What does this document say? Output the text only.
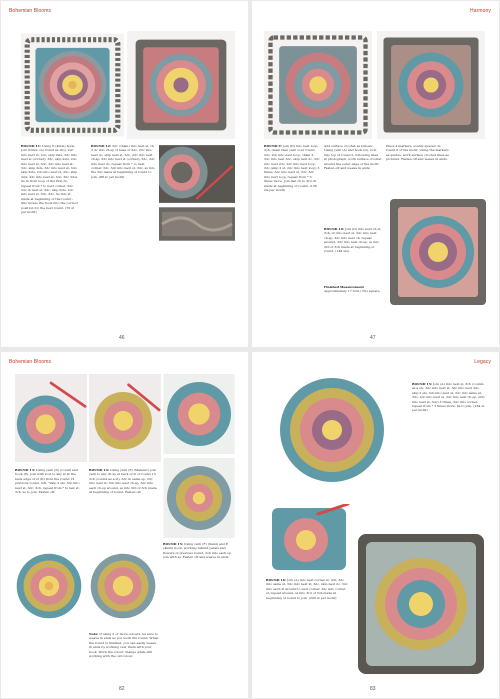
Bohemian Blooms
ROUND 11: Using E (4mm) hook. Join (Draw on) round as st(i), 2dc into next st, 2dc, skip 2sts, 3dc into next st (corner), 3dc, skip 2sts, 2dc into next st, 3dc, 2dc into next st, 3dc, skip 2sts, 3dc into next st, 3dc, skip 2sts, 2dc into next st, 3dc, skip 2sts, 2dc into next st, 3dc, 3dc 3dcs. Ss in front loop of the first dc, repeat from * to next corner. 3dc, 3dc in next st, 3dc, skip 2sts, 2dc into next st, 3dc, 3dc. Ss into st made at beginning of the round – this moves the hook into the correct position for the next round. (76 st per motif)
ROUND 12: 3dc (chain) into next st, ch 2 dc into ch-sp of base of 3dc, 2dc into next dc, skip next st, 3dc, 2dc into next ch-sp, 3dc into next st (corner), 3dc, 2dc into next dc, repeat from * to next corner. 3dc, 3dc into next st, 3dc, ss into the 3dc made at beginning of round to join. (88 st per motif)
46
Harmony
ROUND 9: Join (D) into next loop, 3ch, chain then yarn over round, 3dc, 2dc into next loop, chain 2, 3dc into next 3dc, skip next dc, 2dc into next 2dc, 2dc into next loop, 2dc (skip 2 st, 2dc into next loop) 3 times, 3dc into next st, 3dc, 3dc into next loop, repeat from * 3 times more. Join last ch to 3rd ch made at beginning of round. (136 sts per motif)
Add surface crochet as follows: Using yarn (A) and hook (G), sl st into top of round 5, following lines in photograph, work surface crochet around the outer edge of the motif. Fasten off and weave in ends.
Place 4 markers, evenly spaced, in round 6 of the motif. Using the markers as guides, work surface crochet lines as pictured. Fasten off and weave in ends.
ROUND 10: Join (D) into next ch st, 3ch, dc into next st, 3dc into next ch-sp, 3dc into next ch, repeat around, 3dc into next ch-sp, ss into 3rd of 3ch made at beginning of round. (148 sts)
Finished Measurement
Approximately 17.5cm (7in) square.
47
Bohemian Blooms
ROUND 13: Using yarn (D) (Coral) and hook (E), join with sl st to any st at the back edge of st (D) from the round 12 previous round. 3ch, *skip 2 sts, 3dc into next st, 3dc, 3ch, repeat from * to last st, 3ch, ss to join. Fasten off.
ROUND 14: Using yarn (E) (Mamaro) join yarn to any ch-sp at back of st of round 13, 3ch (counts as a st), 3dc in same sp, 2dc into next st, 3dc into next ch-sp, 3dc into each ch-sp around, ss into 3rd of 3ch made at beginning of round. Fasten off.
Note: If using 3 or more colours, be sure to weave in ends as you work the round. When the round is finished, you can easily weave in ends by working over them with your hook. Work the colour change while still working with the old colour.
ROUND 15: Using yarn (F) (Sand) and E (4mm) hook, working behind petals and flowers of previous round, 3ch into each sp, join with ss. Fasten off and weave in ends.
82
Legacy
ROUND 15: Join (A) into next st, 3ch (counts as a st), 3dc into next st, 3dc into next 3dc, skip 2 sts, 3dc into next st, 2dc into same st, 3dc, 2dc into next st, 3dc into next ch-sp, (2dc into next st, 3dc) 3 times, 3dc into corner, repeat from * 3 times more. Ss to join. (184 st per motif)
ROUND 16: Join (A) into next corner st, 3ch, 3dc into same st, 3dc into next st, 3dc, skip next dc, 3dc into each st around to next corner, 3dc into corner st, repeat around, ss into 3rd of 3ch made at beginning of round to join. (200 st per motif)
83
